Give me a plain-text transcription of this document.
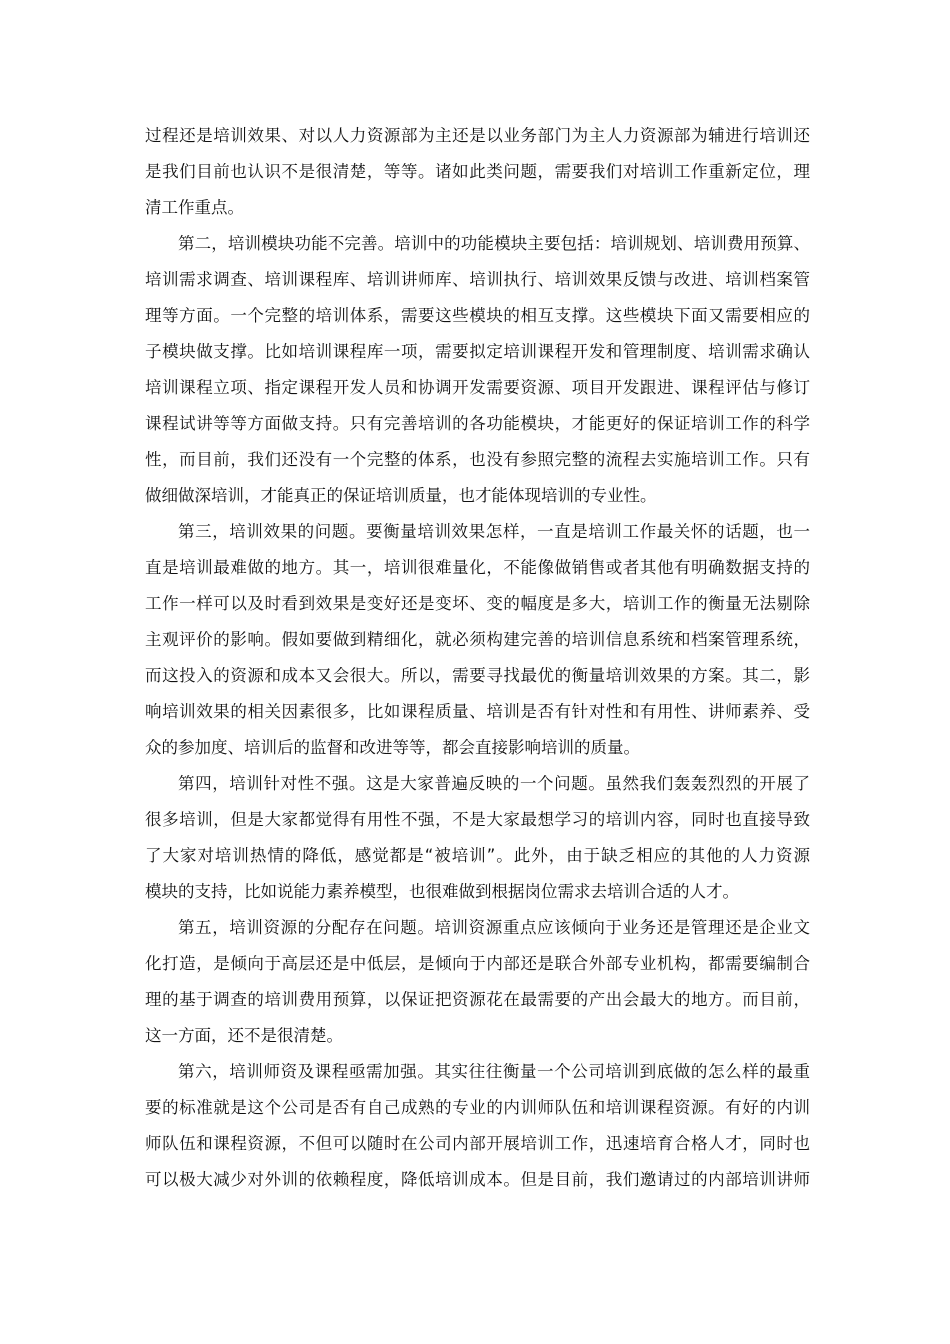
过程还是培训效果、对以人力资源部为主还是以业务部门为主人力资源部为辅进行培训还

是我们目前也认识不是很清楚，等等。诸如此类问题，需要我们对培训工作重新定位，理

清工作重点。

第二，培训模块功能不完善。培训中的功能模块主要包括：培训规划、培训费用预算、

培训需求调查、培训课程库、培训讲师库、培训执行、培训效果反馈与改进、培训档案管

理等方面。一个完整的培训体系，需要这些模块的相互支撑。这些模块下面又需要相应的

子模块做支撑。比如培训课程库一项，需要拟定培训课程开发和管理制度、培训需求确认

培训课程立项、指定课程开发人员和协调开发需要资源、项目开发跟进、课程评估与修订

课程试讲等等方面做支持。只有完善培训的各功能模块，才能更好的保证培训工作的科学

性，而目前，我们还没有一个完整的体系，也没有参照完整的流程去实施培训工作。只有

做细做深培训，才能真正的保证培训质量，也才能体现培训的专业性。

第三，培训效果的问题。要衡量培训效果怎样，一直是培训工作最关怀的话题，也一

直是培训最难做的地方。其一，培训很难量化，不能像做销售或者其他有明确数据支持的

工作一样可以及时看到效果是变好还是变坏、变的幅度是多大，培训工作的衡量无法剔除

主观评价的影响。假如要做到精细化，就必须构建完善的培训信息系统和档案管理系统，

而这投入的资源和成本又会很大。所以，需要寻找最优的衡量培训效果的方案。其二，影

响培训效果的相关因素很多，比如课程质量、培训是否有针对性和有用性、讲师素养、受

众的参加度、培训后的监督和改进等等，都会直接影响培训的质量。

第四，培训针对性不强。这是大家普遍反映的一个问题。虽然我们轰轰烈烈的开展了

很多培训，但是大家都觉得有用性不强，不是大家最想学习的培训内容，同时也直接导致

了大家对培训热情的降低，感觉都是“被培训”。此外，由于缺乏相应的其他的人力资源

模块的支持，比如说能力素养模型，也很难做到根据岗位需求去培训合适的人才。

第五，培训资源的分配存在问题。培训资源重点应该倾向于业务还是管理还是企业文

化打造，是倾向于高层还是中低层，是倾向于内部还是联合外部专业机构，都需要编制合

理的基于调查的培训费用预算，以保证把资源花在最需要的产出会最大的地方。而目前，

这一方面，还不是很清楚。

第六，培训师资及课程亟需加强。其实往往衡量一个公司培训到底做的怎么样的最重

要的标准就是这个公司是否有自己成熟的专业的内训师队伍和培训课程资源。有好的内训

师队伍和课程资源，不但可以随时在公司内部开展培训工作，迅速培育合格人才，同时也

可以极大减少对外训的依赖程度，降低培训成本。但是目前，我们邀请过的内部培训讲师
